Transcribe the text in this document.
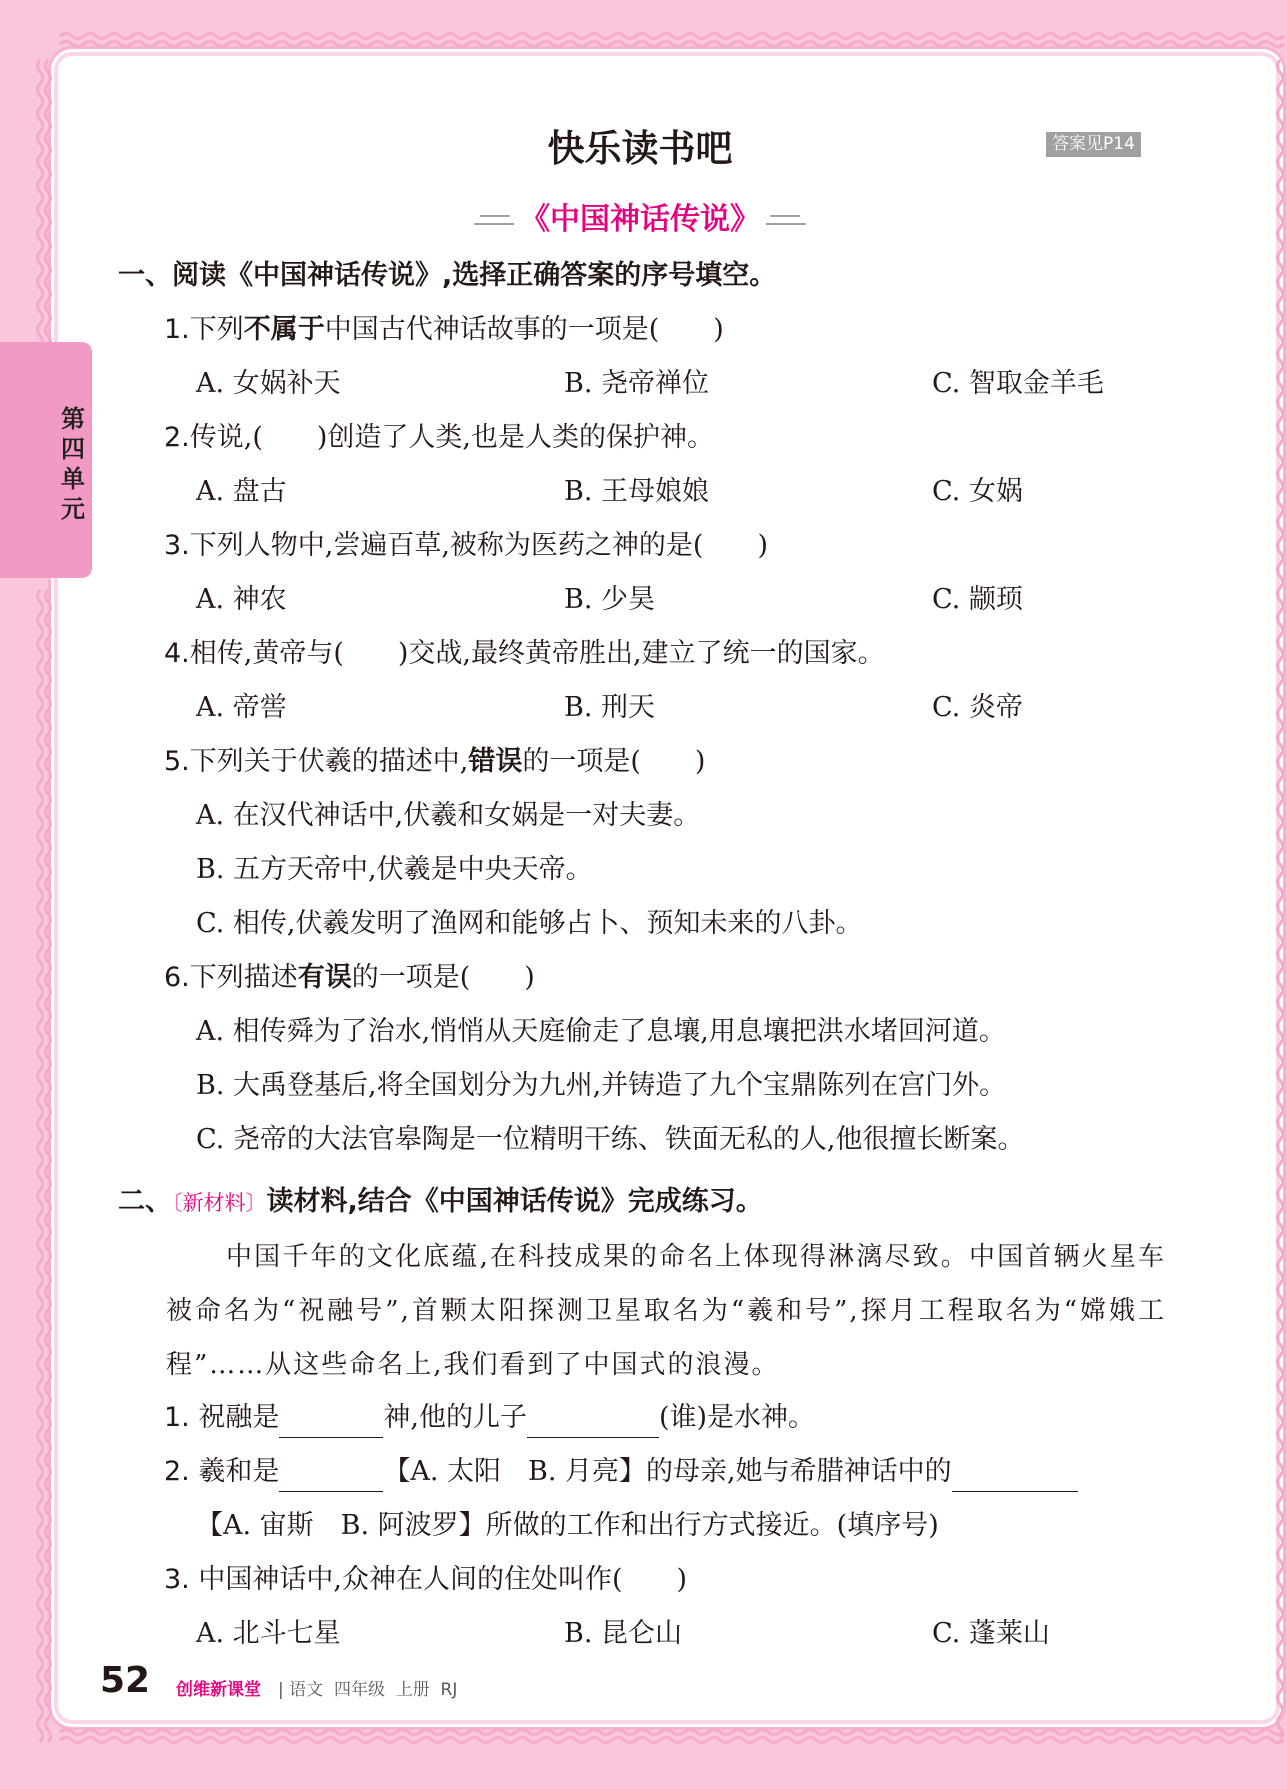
第四单元
快乐读书吧	答案见P14
《中国神话传说》
一、阅读《中国神话传说》,选择正确答案的序号填空。
1.下列不属于中国古代神话故事的一项是(　　)
A. 女娲补天	B. 尧帝禅位	C. 智取金羊毛
2.传说,(　　)创造了人类,也是人类的保护神。
A. 盘古	B. 王母娘娘	C. 女娲
3.下列人物中,尝遍百草,被称为医药之神的是(　　)
A. 神农	B. 少昊	C. 颛顼
4.相传,黄帝与(　　)交战,最终黄帝胜出,建立了统一的国家。
A. 帝喾	B. 刑天	C. 炎帝
5.下列关于伏羲的描述中,错误的一项是(　　)
A. 在汉代神话中,伏羲和女娲是一对夫妻。
B. 五方天帝中,伏羲是中央天帝。
C. 相传,伏羲发明了渔网和能够占卜、预知未来的八卦。
6.下列描述有误的一项是(　　)
A. 相传舜为了治水,悄悄从天庭偷走了息壤,用息壤把洪水堵回河道。
B. 大禹登基后,将全国划分为九州,并铸造了九个宝鼎陈列在宫门外。
C. 尧帝的大法官皋陶是一位精明干练、铁面无私的人,他很擅长断案。
二、〔新材料〕读材料,结合《中国神话传说》完成练习。
中国千年的文化底蕴,在科技成果的命名上体现得淋漓尽致。中国首辆火星车被命名为“祝融号”,首颗太阳探测卫星取名为“羲和号”,探月工程取名为“嫦娥工程”……从这些命名上,我们看到了中国式的浪漫。
1. 祝融是	神,他的儿子	(谁)是水神。
2. 羲和是	【A. 太阳　B. 月亮】的母亲,她与希腊神话中的
【A. 宙斯　B. 阿波罗】所做的工作和出行方式接近。(填序号)
3. 中国神话中,众神在人间的住处叫作(　　)
A. 北斗七星	B. 昆仑山	C. 蓬莱山
52 创维新课堂 | 语文  四年级  上册  RJ
